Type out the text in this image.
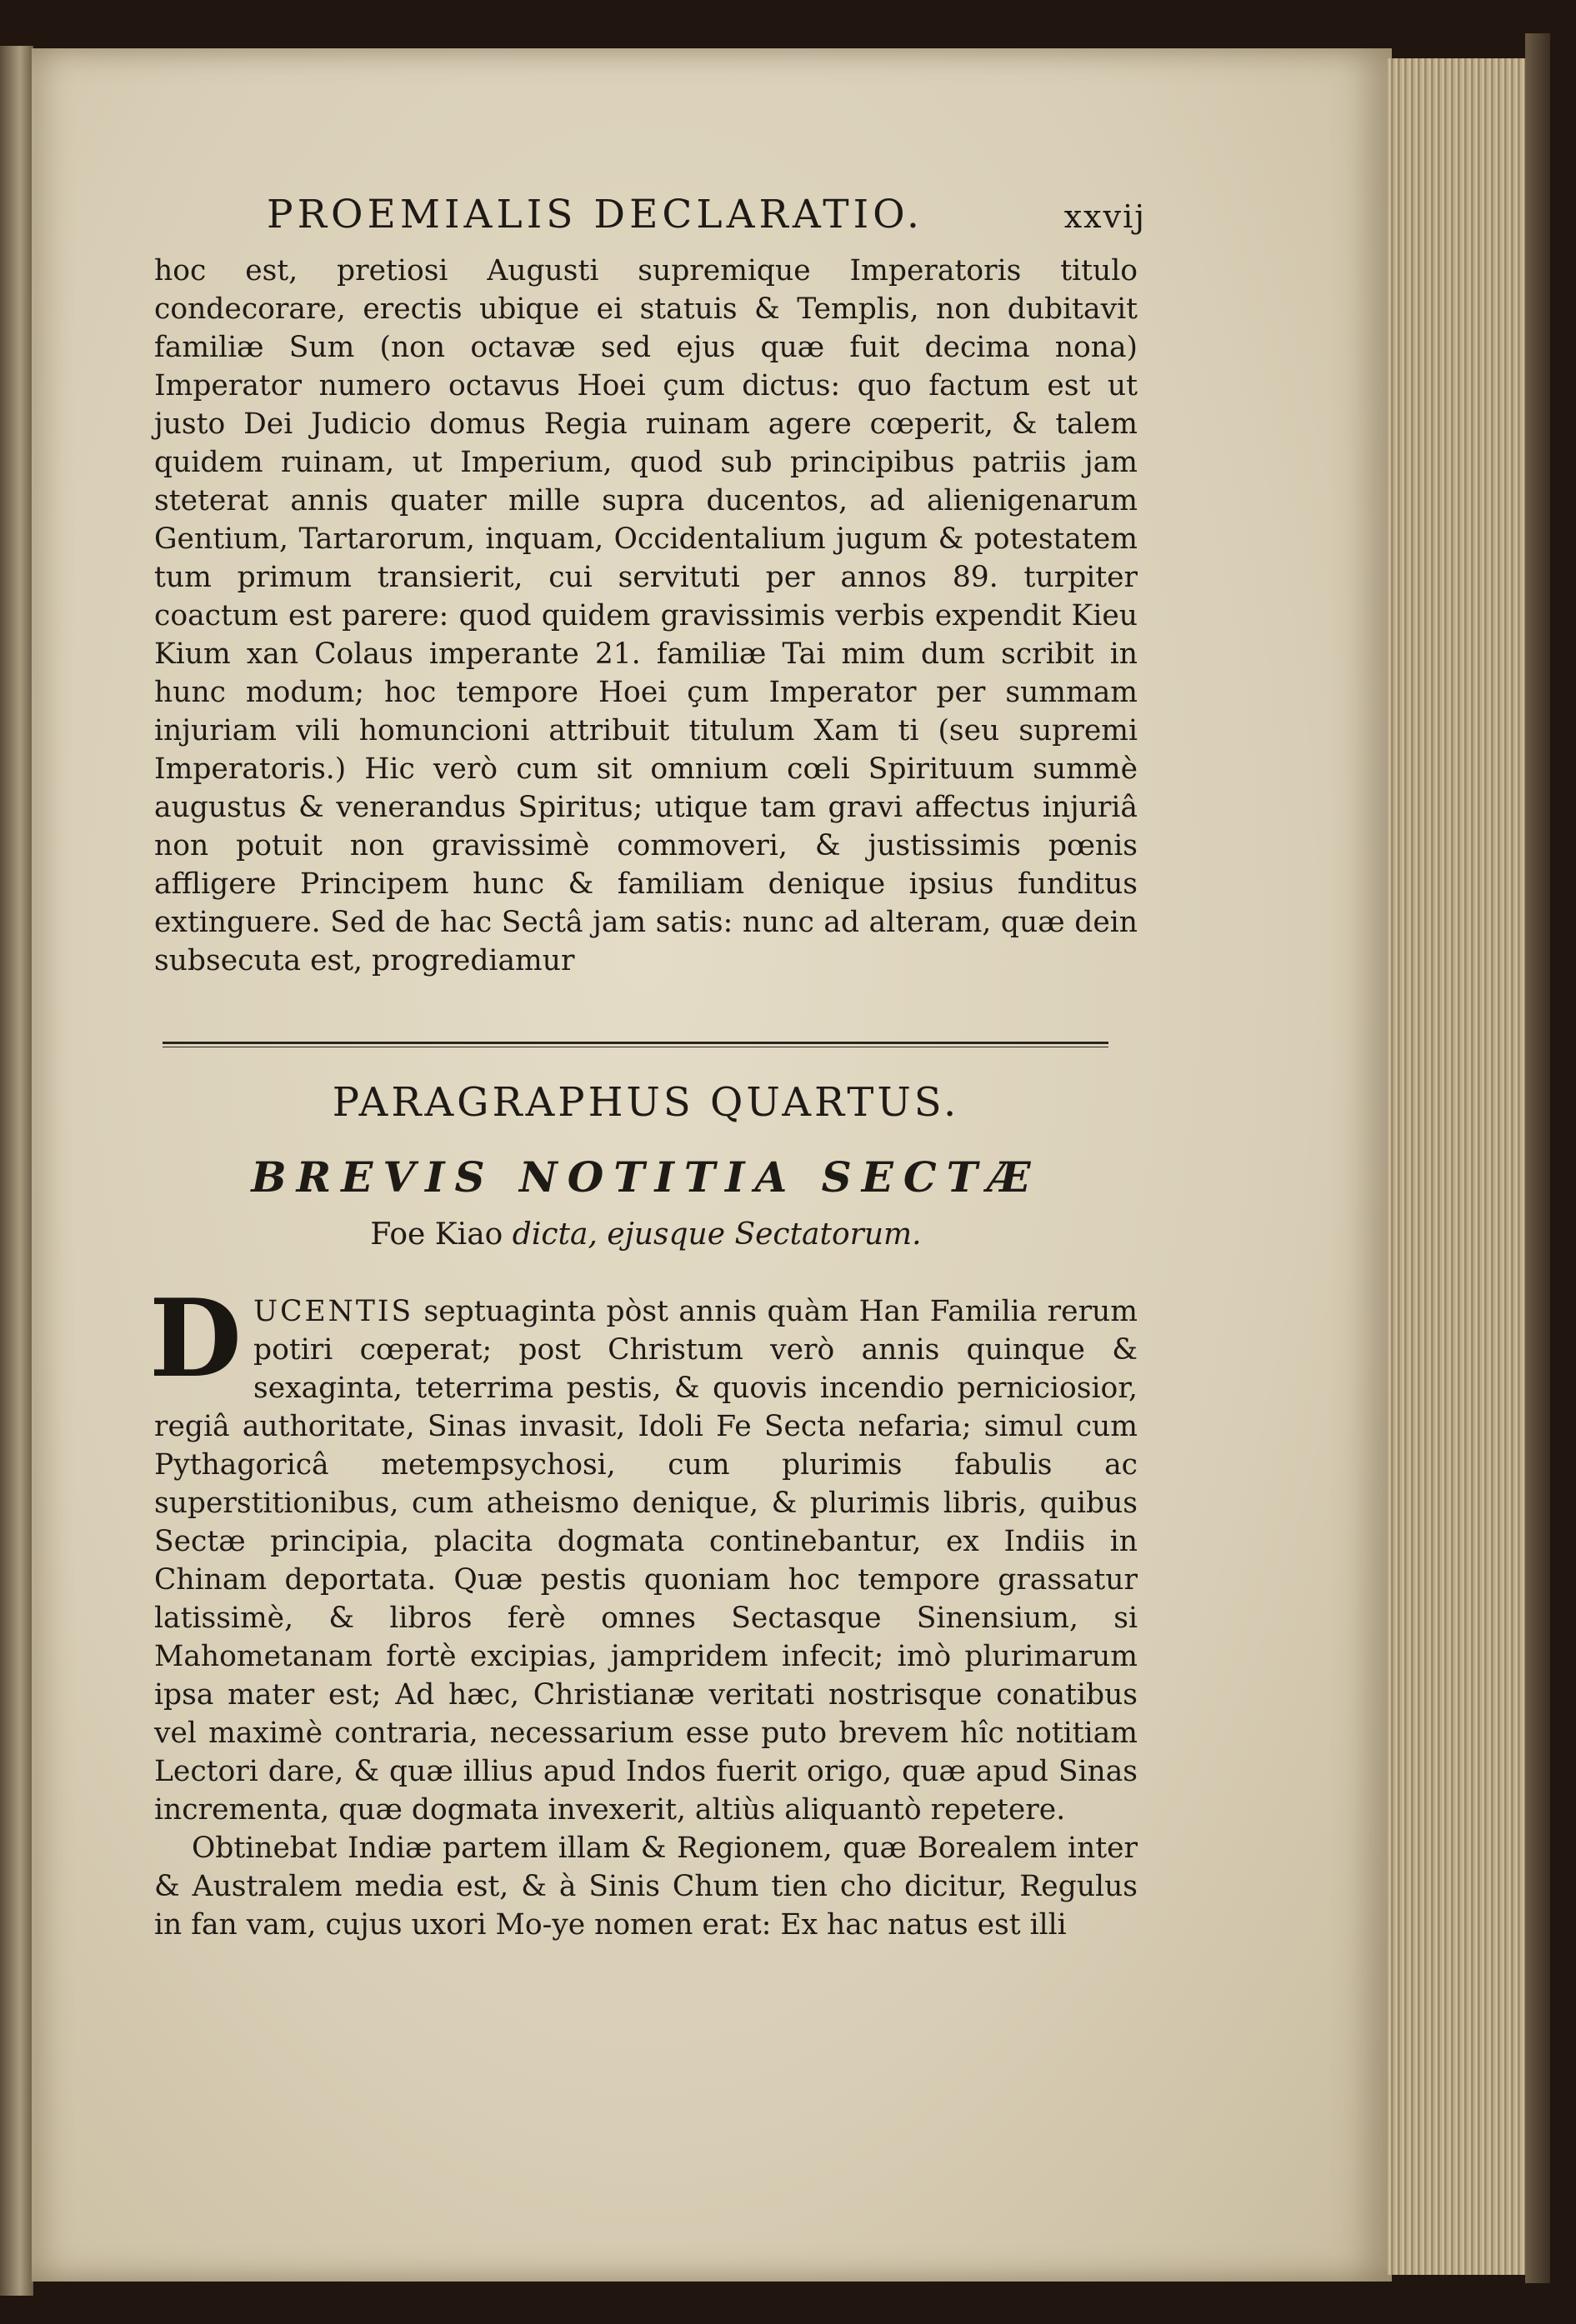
PROEMIALIS DECLARATIO.	xxvij

hoc est, pretiosi Augusti supremique Imperatoris titulo condecorare, erectis ubique ei statuis & Templis, non dubitavit familiæ Sum (non octavæ sed ejus quæ fuit decima nona) Imperator numero octavus Hoei çum dictus: quo factum est ut justo Dei Judicio domus Regia ruinam agere cœperit, & talem quidem ruinam, ut Imperium, quod sub principibus patriis jam steterat annis quater mille supra ducentos, ad alienigenarum Gentium, Tartarorum, inquam, Occidentalium jugum & potestatem tum primum transierit, cui servituti per annos 89. turpiter coactum est parere: quod quidem gravissimis verbis expendit Kieu Kium xan Colaus imperante 21. familiæ Tai mim dum scribit in hunc modum; hoc tempore Hoei çum Imperator per summam injuriam vili homuncioni attribuit titulum Xam ti (seu supremi Imperatoris.) Hic verò cum sit omnium cœli Spirituum summè augustus & venerandus Spiritus; utique tam gravi affectus injuriâ non potuit non gravissimè commoveri, & justissimis pœnis affligere Principem hunc & familiam denique ipsius funditus extinguere. Sed de hac Sectâ jam satis: nunc ad alteram, quæ dein subsecuta est, progrediamur

PARAGRAPHUS QUARTUS.
BREVIS NOTITIA SECTÆ
Foe Kiao dicta, ejusque Sectatorum.

DUCENTIS septuaginta pòst annis quàm Han Familia rerum potiri cœperat; post Christum verò annis quinque & sexaginta, teterrima pestis, & quovis incendio perniciosior, regiâ authoritate, Sinas invasit, Idoli Fe Secta nefaria; simul cum Pythagoricâ metempsychosi, cum plurimis fabulis ac superstitionibus, cum atheismo denique, & plurimis libris, quibus Sectæ principia, placita dogmata continebantur, ex Indiis in Chinam deportata. Quæ pestis quoniam hoc tempore grassatur latissimè, & libros ferè omnes Sectasque Sinensium, si Mahometanam fortè excipias, jampridem infecit; imò plurimarum ipsa mater est; Ad hæc, Christianæ veritati nostrisque conatibus vel maximè contraria, necessarium esse puto brevem hîc notitiam Lectori dare, & quæ illius apud Indos fuerit origo, quæ apud Sinas incrementa, quæ dogmata invexerit, altiùs aliquantò repetere.

Obtinebat Indiæ partem illam & Regionem, quæ Borealem inter & Australem media est, & à Sinis Chum tien cho dicitur, Regulus in fan vam, cujus uxori Mo-ye nomen erat: Ex hac natus est illi
